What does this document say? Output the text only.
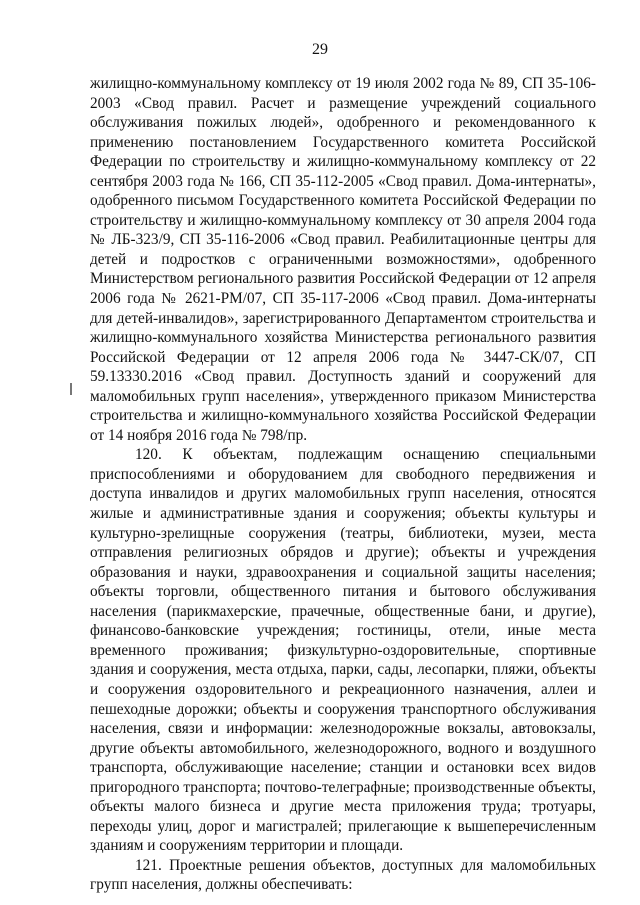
29

жилищно-коммунальному комплексу от 19 июля 2002 года № 89, СП 35-106-2003 «Свод правил. Расчет и размещение учреждений социального обслуживания пожилых людей», одобренного и рекомендованного к применению постановлением Государственного комитета Российской Федерации по строительству и жилищно-коммунальному комплексу от 22 сентября 2003 года № 166, СП 35-112-2005 «Свод правил. Дома-интернаты», одобренного письмом Государственного комитета Российской Федерации по строительству и жилищно-коммунальному комплексу от 30 апреля 2004 года № ЛБ-323/9, СП 35-116-2006 «Свод правил. Реабилитационные центры для детей и подростков с ограниченными возможностями», одобренного Министерством регионального развития Российской Федерации от 12 апреля 2006 года № 2621-РМ/07, СП 35-117-2006 «Свод правил. Дома-интернаты для детей-инвалидов», зарегистрированного Департаментом строительства и жилищно-коммунального хозяйства Министерства регионального развития Российской Федерации от 12 апреля 2006 года № 3447-СК/07, СП 59.13330.2016 «Свод правил. Доступность зданий и сооружений для маломобильных групп населения», утвержденного приказом Министерства строительства и жилищно-коммунального хозяйства Российской Федерации от 14 ноября 2016 года № 798/пр.

120. К объектам, подлежащим оснащению специальными приспособлениями и оборудованием для свободного передвижения и доступа инвалидов и других маломобильных групп населения, относятся жилые и административные здания и сооружения; объекты культуры и культурно-зрелищные сооружения (театры, библиотеки, музеи, места отправления религиозных обрядов и другие); объекты и учреждения образования и науки, здравоохранения и социальной защиты населения; объекты торговли, общественного питания и бытового обслуживания населения (парикмахерские, прачечные, общественные бани, и другие), финансово-банковские учреждения; гостиницы, отели, иные места временного проживания; физкультурно-оздоровительные, спортивные здания и сооружения, места отдыха, парки, сады, лесопарки, пляжи, объекты и сооружения оздоровительного и рекреационного назначения, аллеи и пешеходные дорожки; объекты и сооружения транспортного обслуживания населения, связи и информации: железнодорожные вокзалы, автовокзалы, другие объекты автомобильного, железнодорожного, водного и воздушного транспорта, обслуживающие население; станции и остановки всех видов пригородного транспорта; почтово-телеграфные; производственные объекты, объекты малого бизнеса и другие места приложения труда; тротуары, переходы улиц, дорог и магистралей; прилегающие к вышеперечисленным зданиям и сооружениям территории и площади.

121. Проектные решения объектов, доступных для маломобильных групп населения, должны обеспечивать:
